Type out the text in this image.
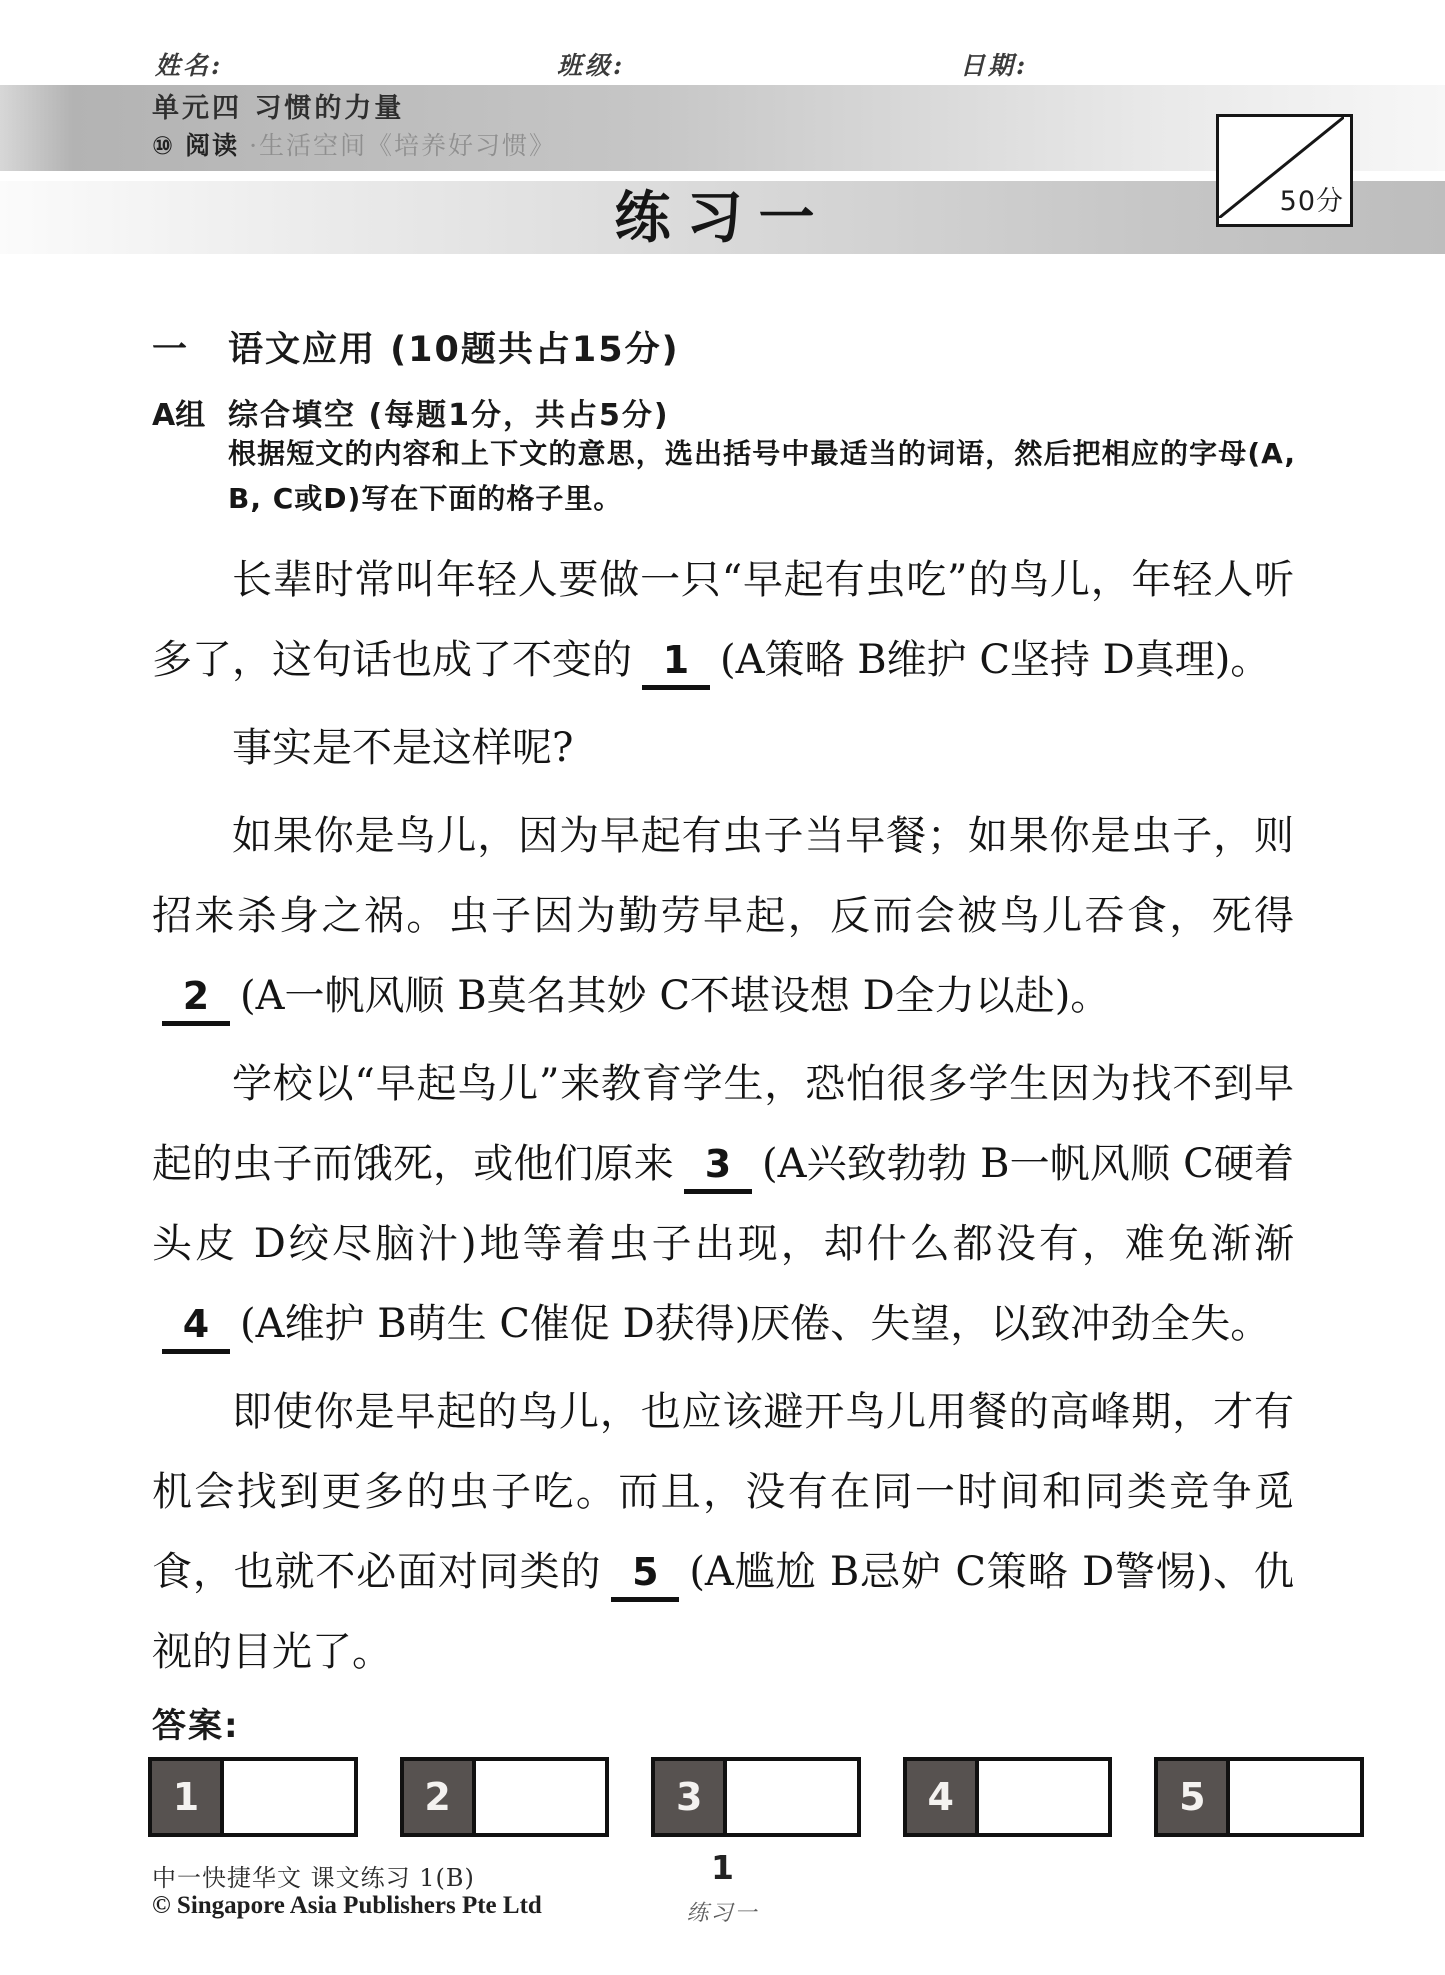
姓名:	班级:	日期:
单元四 习惯的力量
⑩ 阅读 ·生活空间《培养好习惯》
练习一	50分
一 语文应用 (10题共占15分)
A组 综合填空 (每题1分，共占5分)
根据短文的内容和上下文的意思，选出括号中最适当的词语，然后把相应的字母(A, B, C或D)写在下面的格子里。

长辈时常叫年轻人要做一只“早起有虫吃”的鸟儿，年轻人听多了，这句话也成了不变的 1 (A策略 B维护 C坚持 D真理)。

事实是不是这样呢?

如果你是鸟儿，因为早起有虫子当早餐；如果你是虫子，则招来杀身之祸。虫子因为勤劳早起，反而会被鸟儿吞食，死得2 (A一帆风顺 B莫名其妙 C不堪设想 D全力以赴)。

学校以“早起鸟儿”来教育学生，恐怕很多学生因为找不到早起的虫子而饿死，或他们原来 3 (A兴致勃勃 B一帆风顺 C硬着头皮 D绞尽脑汁)地等着虫子出现，却什么都没有，难免渐渐4 (A维护 B萌生 C催促 D获得)厌倦、失望，以致冲劲全失。

即使你是早起的鸟儿，也应该避开鸟儿用餐的高峰期，才有机会找到更多的虫子吃。而且，没有在同一时间和同类竞争觅食，也就不必面对同类的 5 (A尴尬 B忌妒 C策略 D警惕)、仇视的目光了。

答案:
1	2	3	4	5
中一快捷华文 课文练习 1(B)
© Singapore Asia Publishers Pte Ltd
1
练习一
